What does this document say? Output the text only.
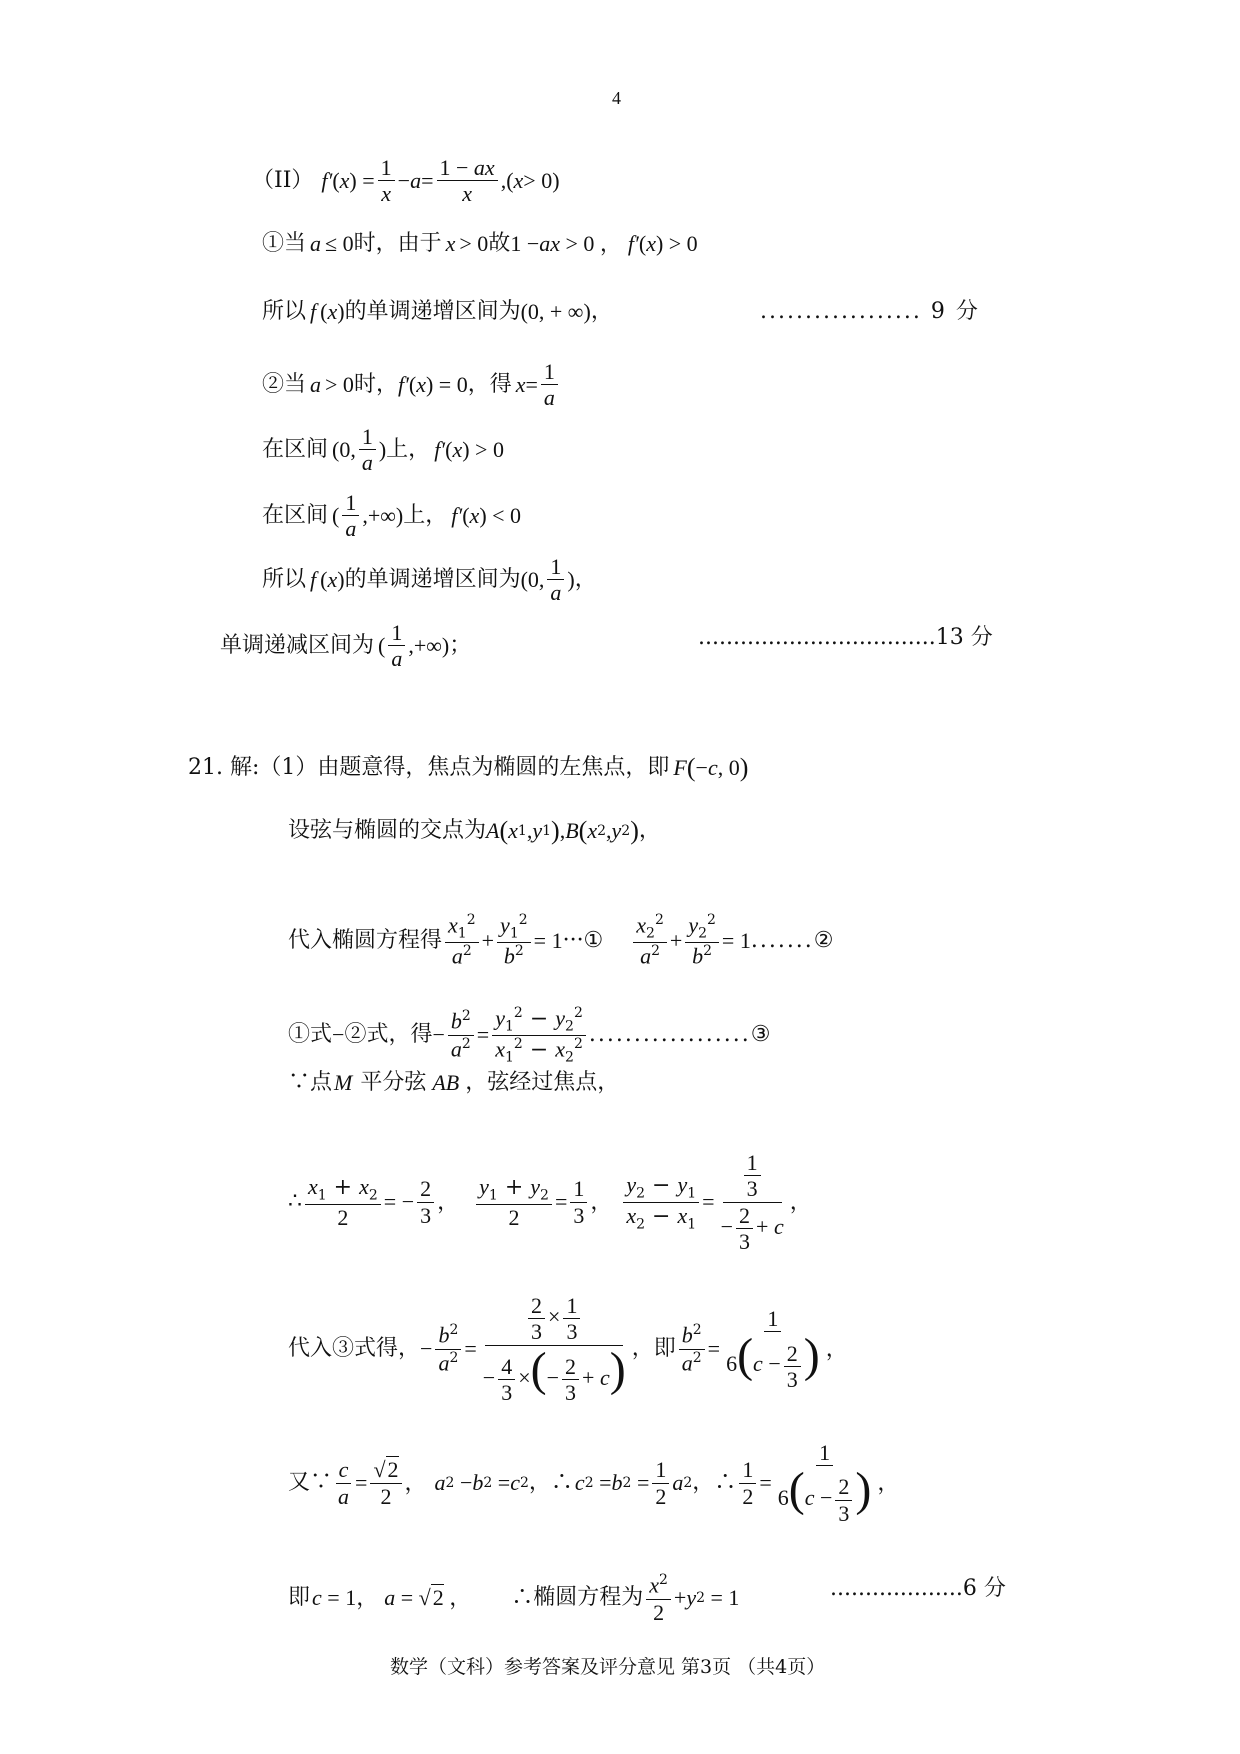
4
（II） f′ ( x ) = $\frac{1}{x} - a = \frac{1 - ax}{x}$ ,( x > 0)
①当 a ≤ 0 时，由于 x > 0 故 1 − ax > 0 ， f′ ( x ) > 0
所以 f ( x ) 的单调递增区间为 (0, + ∞) ，	.................. 9 分
②当 a > 0 时， f′ ( x ) = 0 ，得 $x = \frac{1}{a}$
在区间 (0, $\frac{1}{a}$ ) 上， f′ ( x ) > 0
在区间 ( $\frac{1}{a}$ ,+∞) 上， f′ ( x ) < 0
所以 f ( x ) 的单调递增区间为 (0, $\frac{1}{a}$ ) ，
单调递减区间为 ( $\frac{1}{a}$ ,+∞) ；	..................................13 分
21. 解: （1）由题意得，焦点为椭圆的左焦点，即 F ( − c , 0 )
设弦与椭圆的交点为 A ( x 1 , y 1 ) , B ( x 2 , y 2 ) ，
代入椭圆方程得 $\frac{x_1^2}{a^2} + \frac{y_1^2}{b^2} = 1$ ···① $\frac{x_2^2}{a^2} + \frac{y_2^2}{b^2} = 1$ ....... ②
①式 − ②式，得 − $\frac{b^2}{a^2} = \frac{y_1^2 - y_2^2}{x_1^2 - x_2^2}$ .................. ③
∵点 M 平分弦 AB ，弦经过焦点，
∴ $\frac{x_1 + x_2}{2}$ = − $\frac{2}{3}$ ， $\frac{y_1 + y_2}{2} = \frac{1}{3}$ ， $\frac{y_2 - y_1}{x_2 - x_1} = \frac{\frac{1}{3}}{- \frac{2}{3} + c}$ ，
代入③式得， − $\frac{b^2}{a^2} = \frac{\frac{2}{3} \times \frac{1}{3}}{- \frac{4}{3} \times(- \frac{2}{3} + c)}$ ，即 $\frac{b^2}{a^2} = \frac{1}{6(c - \frac{2}{3} )}$ ，
又∵ $\frac{c}{a} = \frac{√2}{2}$ ， a 2 − b 2 = c 2 ，∴ c 2 = b $2 = \frac{1}{2}$ a 2 ，∴ $\frac{1}{2} = \frac{1}{6(c - \frac{2}{3} )}$ ，
即 c = 1， a = √2 ， ∴椭圆方程为 $\frac{x^2}{2} + y$ 2 = 1	...................6 分
数学（文科）参考答案及评分意见 第3页 （共4页）
